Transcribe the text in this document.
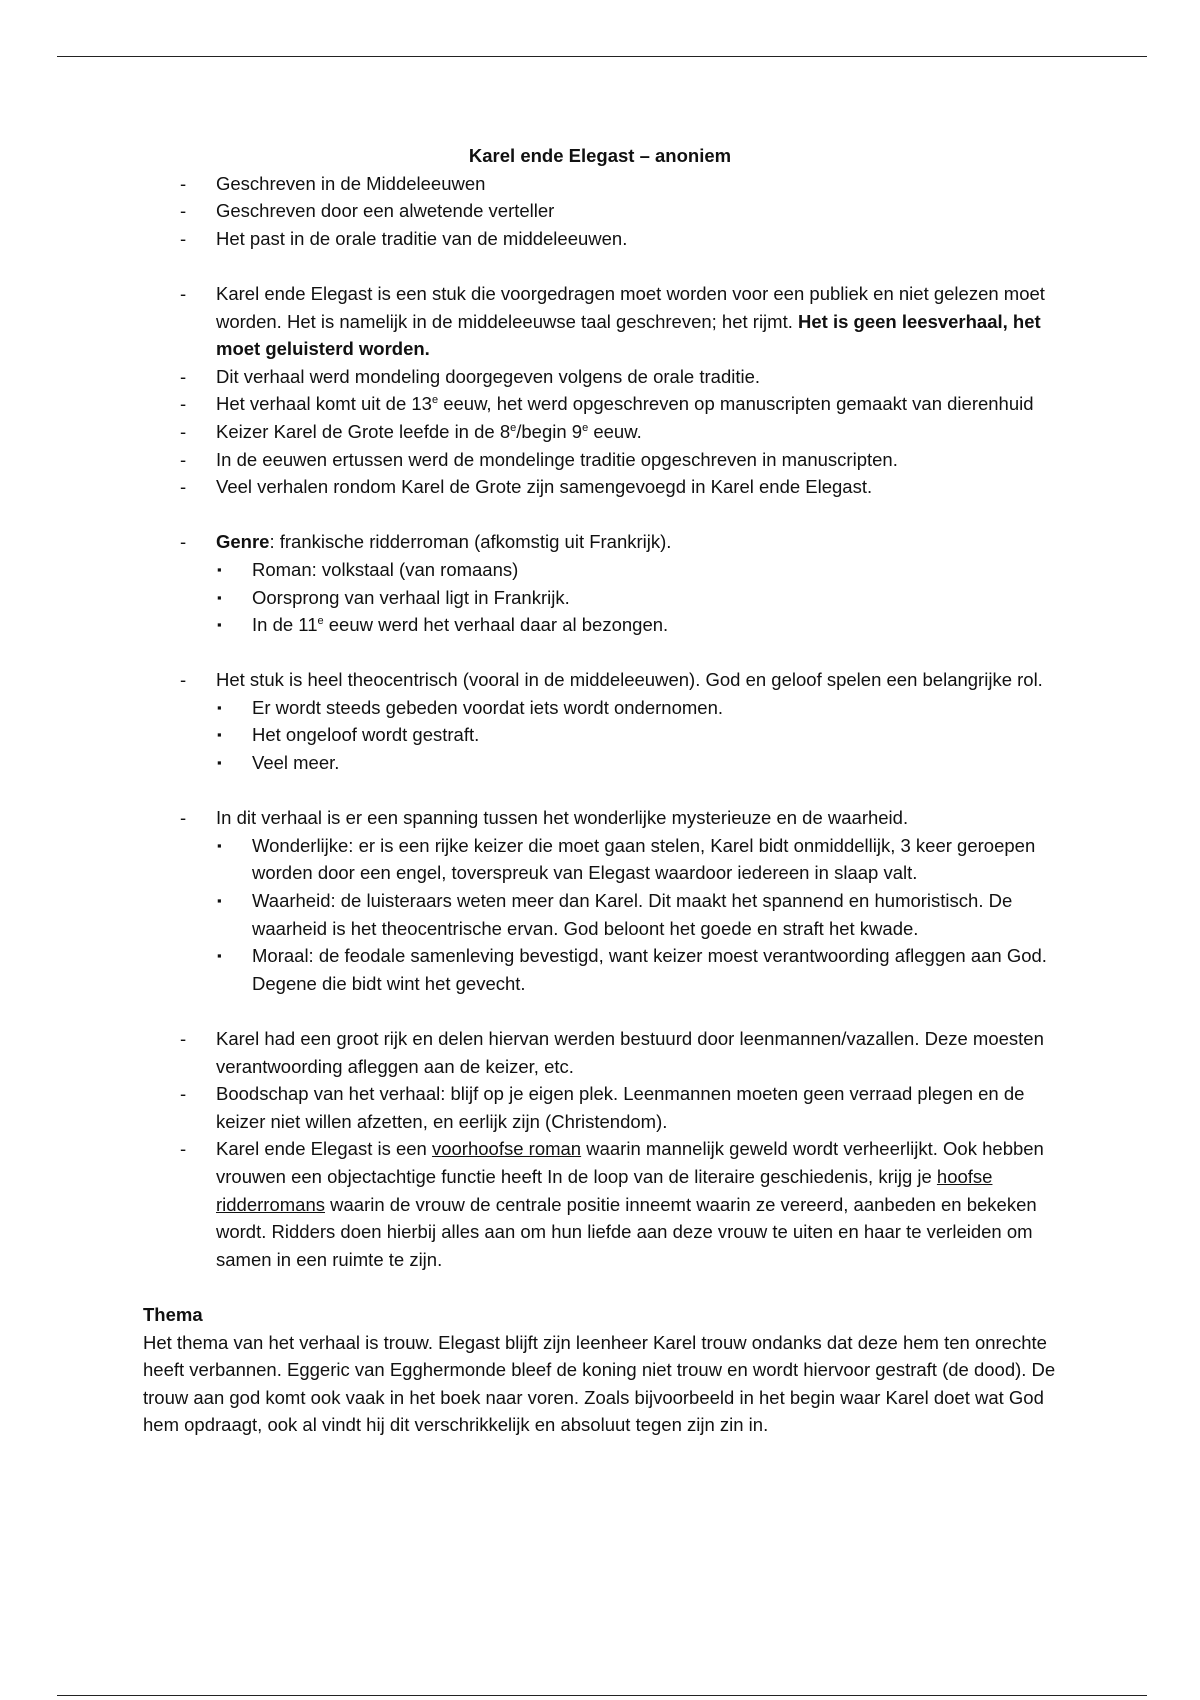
Karel ende Elegast – anoniem

- Geschreven in de Middeleeuwen

- Geschreven door een alwetende verteller

- Het past in de orale traditie van de middeleeuwen.

- Karel ende Elegast is een stuk die voorgedragen moet worden voor een publiek en niet gelezen moet worden. Het is namelijk in de middeleeuwse taal geschreven; het rijmt. Het is geen leesverhaal, het moet geluisterd worden.

- Dit verhaal werd mondeling doorgegeven volgens de orale traditie.

- Het verhaal komt uit de 13e eeuw, het werd opgeschreven op manuscripten gemaakt van dierenhuid

- Keizer Karel de Grote leefde in de 8e/begin 9e eeuw.

- In de eeuwen ertussen werd de mondelinge traditie opgeschreven in manuscripten.

- Veel verhalen rondom Karel de Grote zijn samengevoegd in Karel ende Elegast.

- Genre: frankische ridderroman (afkomstig uit Frankrijk).

▪ Roman: volkstaal (van romaans)

▪ Oorsprong van verhaal ligt in Frankrijk.

▪ In de 11e eeuw werd het verhaal daar al bezongen.

- Het stuk is heel theocentrisch (vooral in de middeleeuwen). God en geloof spelen een belangrijke rol.

▪ Er wordt steeds gebeden voordat iets wordt ondernomen.

▪ Het ongeloof wordt gestraft.

▪ Veel meer.

- In dit verhaal is er een spanning tussen het wonderlijke mysterieuze en de waarheid.

▪ Wonderlijke: er is een rijke keizer die moet gaan stelen, Karel bidt onmiddellijk, 3 keer geroepen worden door een engel, toverspreuk van Elegast waardoor iedereen in slaap valt.

▪ Waarheid: de luisteraars weten meer dan Karel. Dit maakt het spannend en humoristisch. De waarheid is het theocentrische ervan. God beloont het goede en straft het kwade.

▪ Moraal: de feodale samenleving bevestigd, want keizer moest verantwoording afleggen aan God. Degene die bidt wint het gevecht.

- Karel had een groot rijk en delen hiervan werden bestuurd door leenmannen/vazallen. Deze moesten verantwoording afleggen aan de keizer, etc.

- Boodschap van het verhaal: blijf op je eigen plek. Leenmannen moeten geen verraad plegen en de keizer niet willen afzetten, en eerlijk zijn (Christendom).

- Karel ende Elegast is een voorhoofse roman waarin mannelijk geweld wordt verheerlijkt. Ook hebben vrouwen een objectachtige functie heeft In de loop van de literaire geschiedenis, krijg je hoofse ridderromans waarin de vrouw de centrale positie inneemt waarin ze vereerd, aanbeden en bekeken wordt. Ridders doen hierbij alles aan om hun liefde aan deze vrouw te uiten en haar te verleiden om samen in een ruimte te zijn.

Thema

Het thema van het verhaal is trouw. Elegast blijft zijn leenheer Karel trouw ondanks dat deze hem ten onrechte heeft verbannen. Eggeric van Egghermonde bleef de koning niet trouw en wordt hiervoor gestraft (de dood). De trouw aan god komt ook vaak in het boek naar voren. Zoals bijvoorbeeld in het begin waar Karel doet wat God hem opdraagt, ook al vindt hij dit verschrikkelijk en absoluut tegen zijn zin in.
